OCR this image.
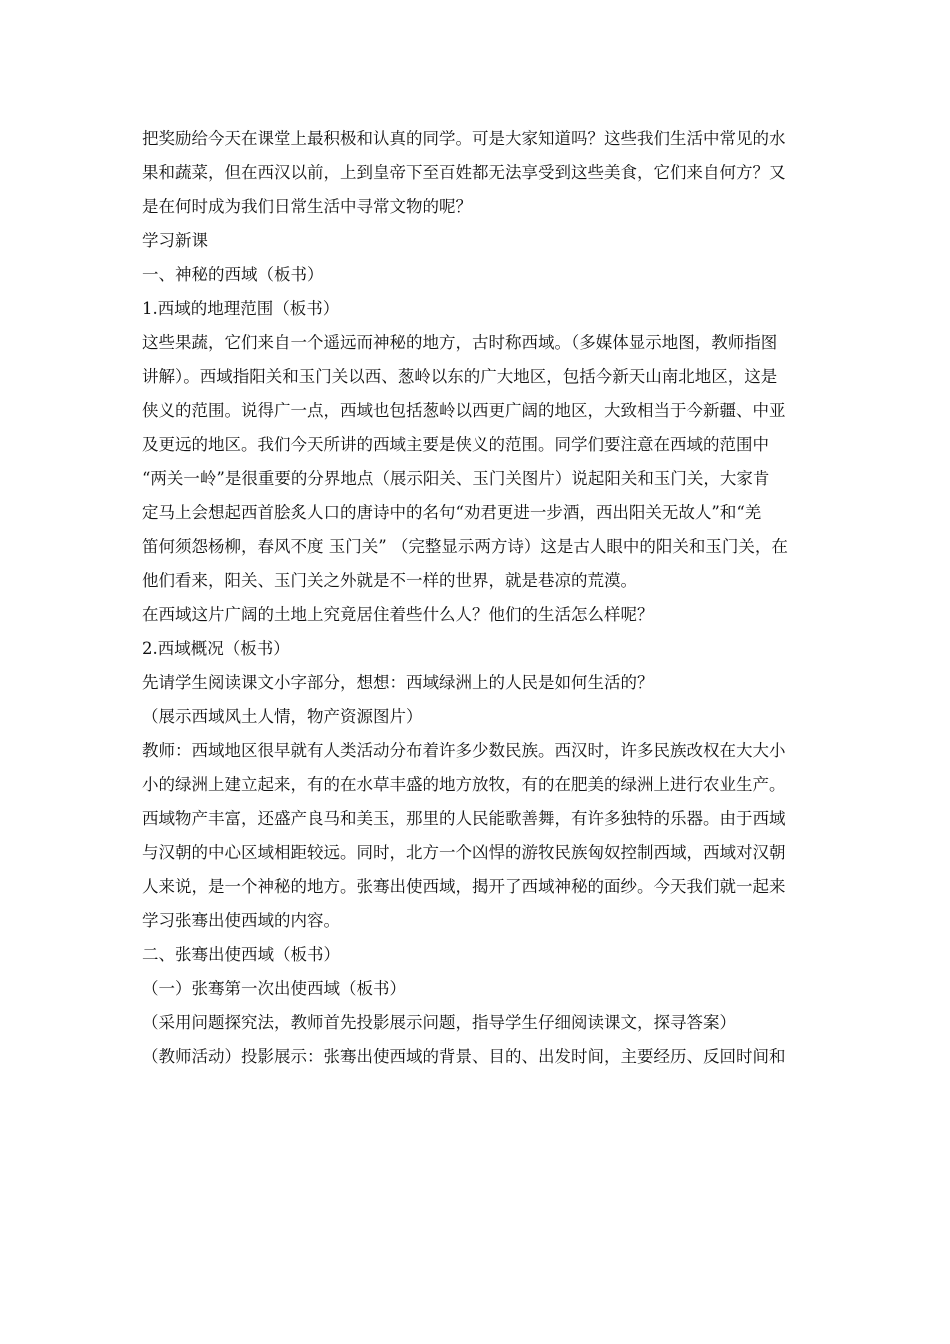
把奖励给今天在课堂上最积极和认真的同学。可是大家知道吗？这些我们生活中常见的水
果和蔬菜，但在西汉以前，上到皇帝下至百姓都无法享受到这些美食，它们来自何方？又
是在何时成为我们日常生活中寻常文物的呢？
学习新课
一、神秘的西域（板书）
1.西域的地理范围（板书）
这些果蔬，它们来自一个遥远而神秘的地方，古时称西域。（多媒体显示地图，教师指图
讲解）。西域指阳关和玉门关以西、葱岭以东的广大地区，包括今新天山南北地区，这是
侠义的范围。说得广一点，西域也包括葱岭以西更广阔的地区，大致相当于今新疆、中亚
及更远的地区。我们今天所讲的西域主要是侠义的范围。同学们要注意在西域的范围中
“两关一岭”是很重要的分界地点（展示阳关、玉门关图片）说起阳关和玉门关，大家肯
定马上会想起西首脍炙人口的唐诗中的名句“劝君更进一步酒，西出阳关无故人”和“羌
笛何须怨杨柳，春风不度 玉门关” （完整显示两方诗）这是古人眼中的阳关和玉门关，在
他们看来，阳关、玉门关之外就是不一样的世界，就是巷凉的荒漠。
在西域这片广阔的土地上究竟居住着些什么人？他们的生活怎么样呢？
2.西域概况（板书）
先请学生阅读课文小字部分，想想：西域绿洲上的人民是如何生活的？
（展示西域风土人情，物产资源图片）
教师：西域地区很早就有人类活动分布着许多少数民族。西汉时，许多民族改权在大大小
小的绿洲上建立起来，有的在水草丰盛的地方放牧，有的在肥美的绿洲上进行农业生产。
西域物产丰富，还盛产良马和美玉，那里的人民能歌善舞，有许多独特的乐器。由于西域
与汉朝的中心区域相距较远。同时，北方一个凶悍的游牧民族匈奴控制西域，西域对汉朝
人来说，是一个神秘的地方。张骞出使西域，揭开了西域神秘的面纱。今天我们就一起来
学习张骞出使西域的内容。
二、张骞出使西域（板书）
（一）张骞第一次出使西域（板书）
（采用问题探究法，教师首先投影展示问题，指导学生仔细阅读课文，探寻答案）
（教师活动）投影展示：张骞出使西域的背景、目的、出发时间，主要经历、反回时间和
